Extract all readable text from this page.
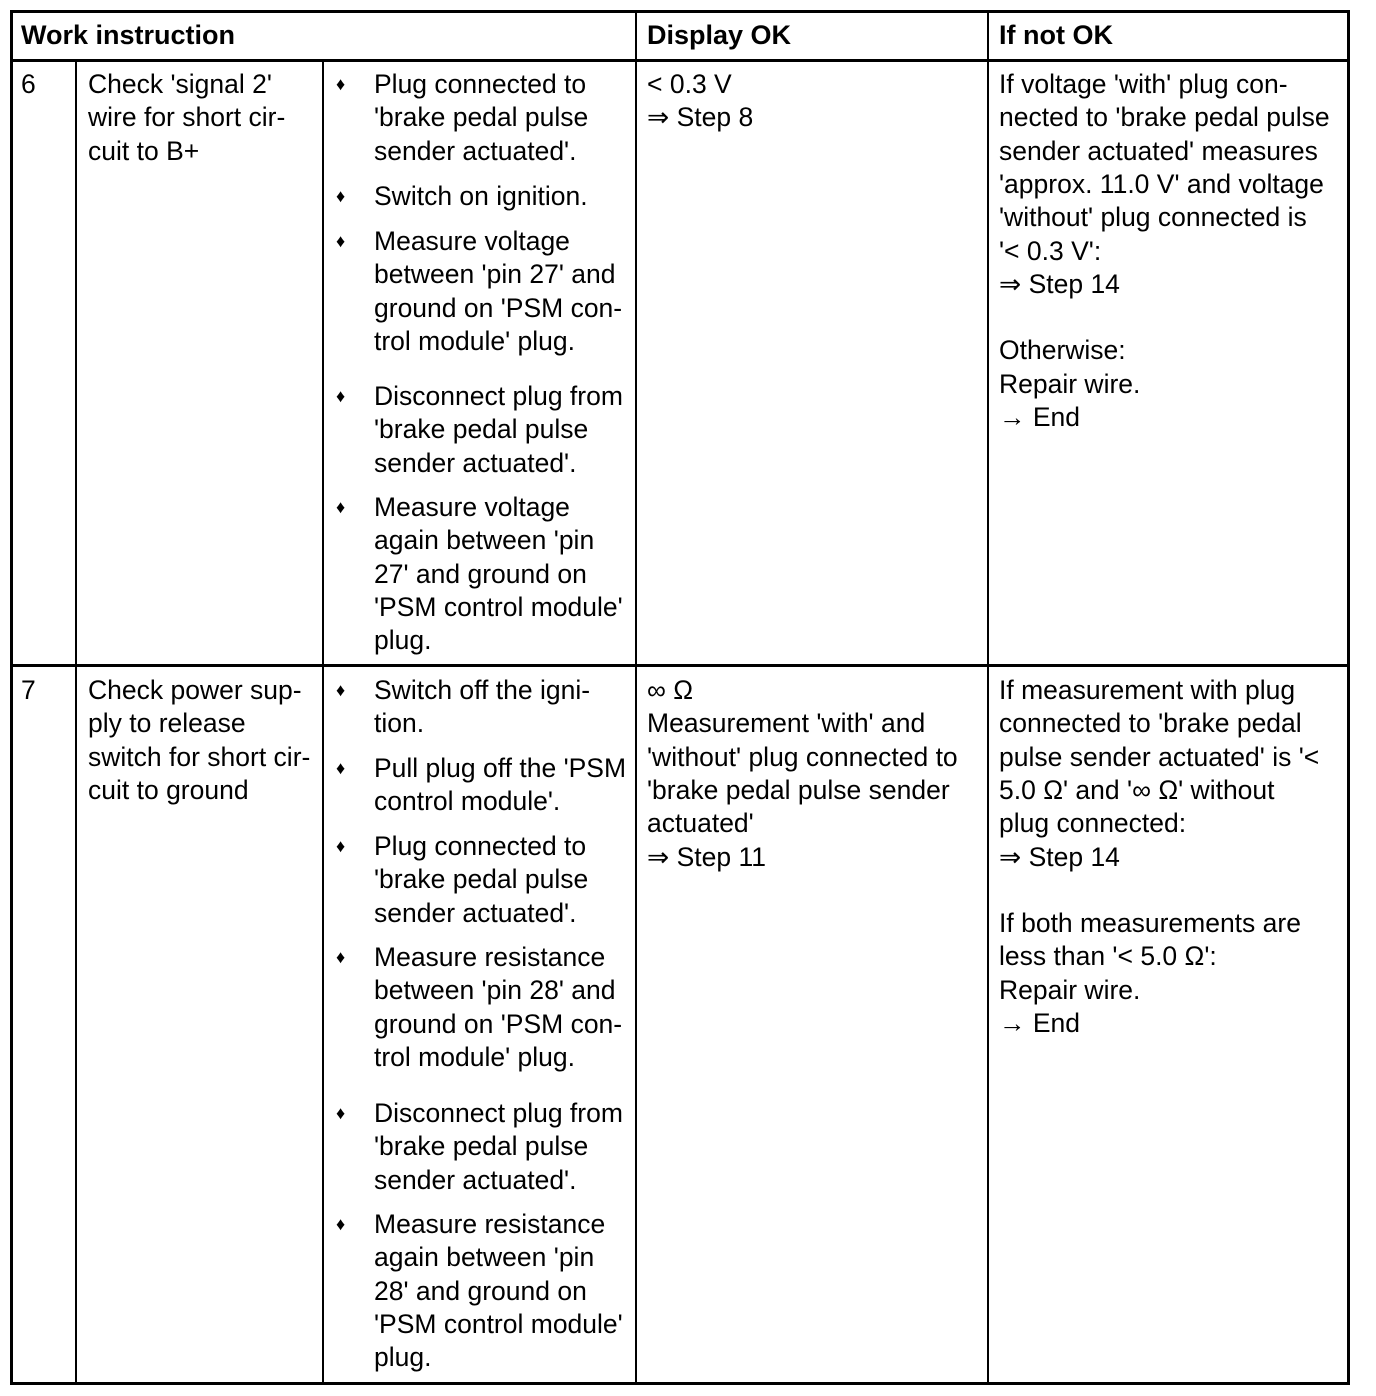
Work instruction	Display OK	If not OK
6 Check 'signal 2'
wire for short cir-
cuit to B+
♦ Plug connected to
'brake pedal pulse
sender actuated'.
♦ Switch on ignition.
♦ Measure voltage
between 'pin 27' and
ground on 'PSM con-
trol module' plug.
♦ Disconnect plug from
'brake pedal pulse
sender actuated'.
♦ Measure voltage
again between 'pin
27' and ground on
'PSM control module'
plug.
< 0.3 V
⇒ Step 8
If voltage 'with' plug con-
nected to 'brake pedal pulse
sender actuated' measures
'approx. 11.0 V' and voltage
'without' plug connected is
'< 0.3 V':
⇒ Step 14
Otherwise:
Repair wire.
→ End
7 Check power sup-
ply to release
switch for short cir-
cuit to ground
♦ Switch off the igni-
tion.
♦ Pull plug off the 'PSM
control module'.
♦ Plug connected to
'brake pedal pulse
sender actuated'.
♦ Measure resistance
between 'pin 28' and
ground on 'PSM con-
trol module' plug.
♦ Disconnect plug from
'brake pedal pulse
sender actuated'.
♦ Measure resistance
again between 'pin
28' and ground on
'PSM control module'
plug.
∞ Ω
Measurement 'with' and
'without' plug connected to
'brake pedal pulse sender
actuated'
⇒ Step 11
If measurement with plug
connected to 'brake pedal
pulse sender actuated' is '<
5.0 Ω' and '∞ Ω' without
plug connected:
⇒ Step 14
If both measurements are
less than '< 5.0 Ω':
Repair wire.
→ End
